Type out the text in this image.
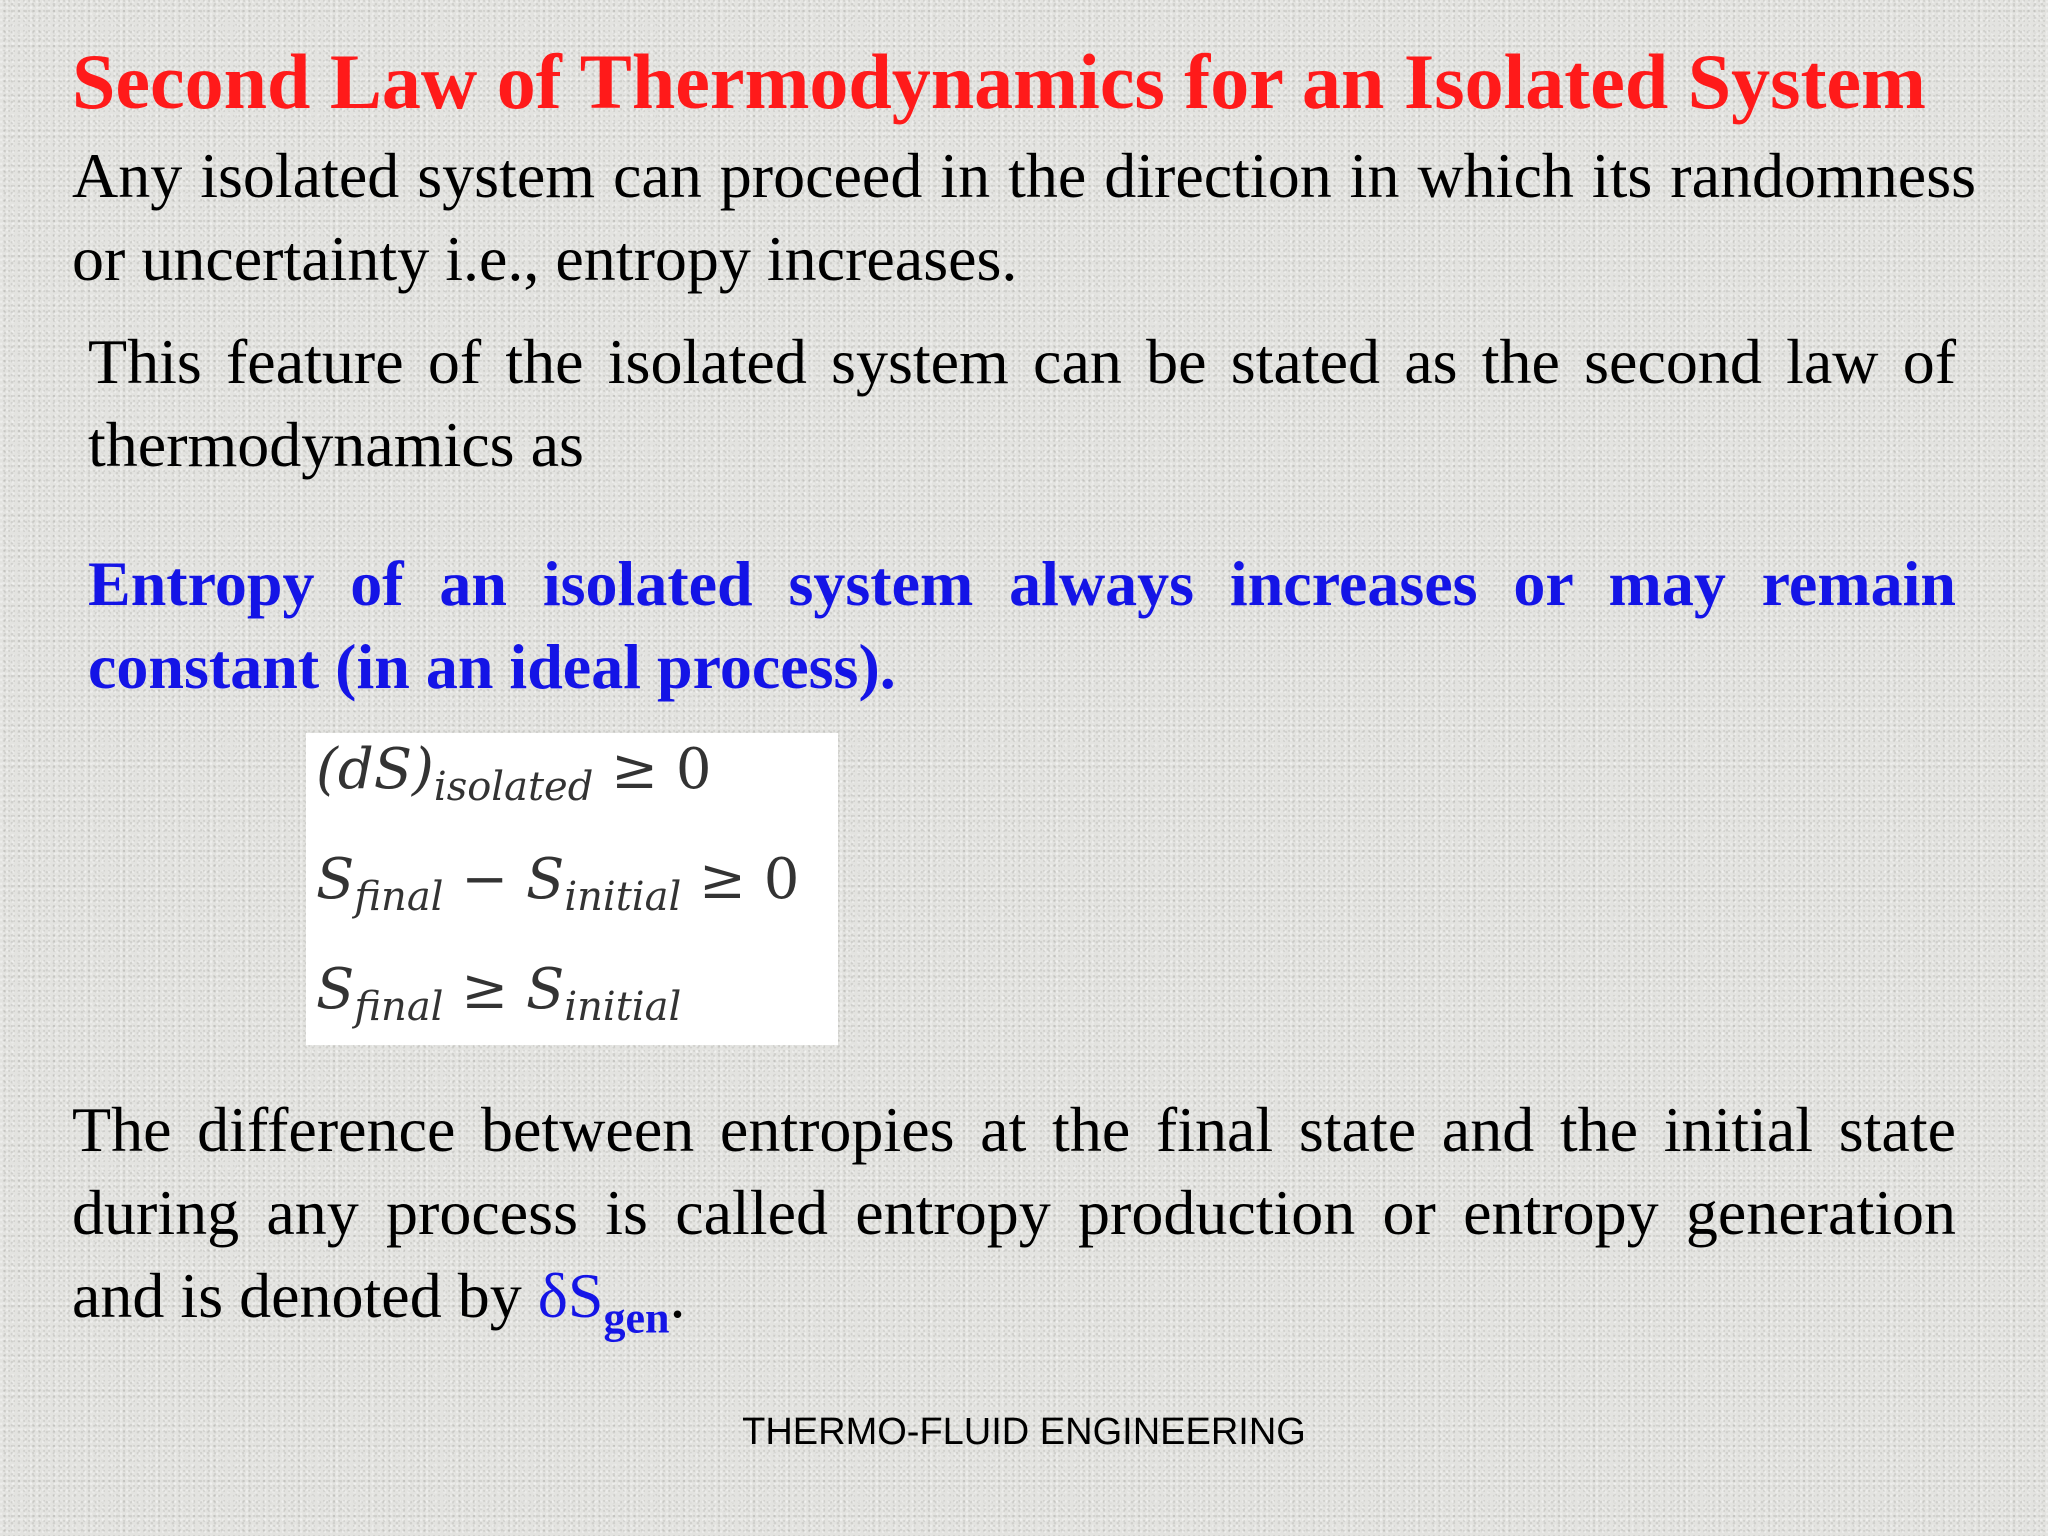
Second Law of Thermodynamics for an Isolated System
Any isolated system can proceed in the direction in which its randomness or uncertainty i.e., entropy increases.
This feature of the isolated system can be stated as the second law of thermodynamics as
Entropy of an isolated system always increases or may remain constant (in an ideal process).
$(dS)_{isolated} \ge 0$
$S_{final} - S_{initial} \ge 0$
$S_{final} \ge S_{initial}$
The difference between entropies at the final state and the initial state during any process is called entropy production or entropy generation and is denoted by $\delta S_{gen}$.
THERMO-FLUID ENGINEERING
